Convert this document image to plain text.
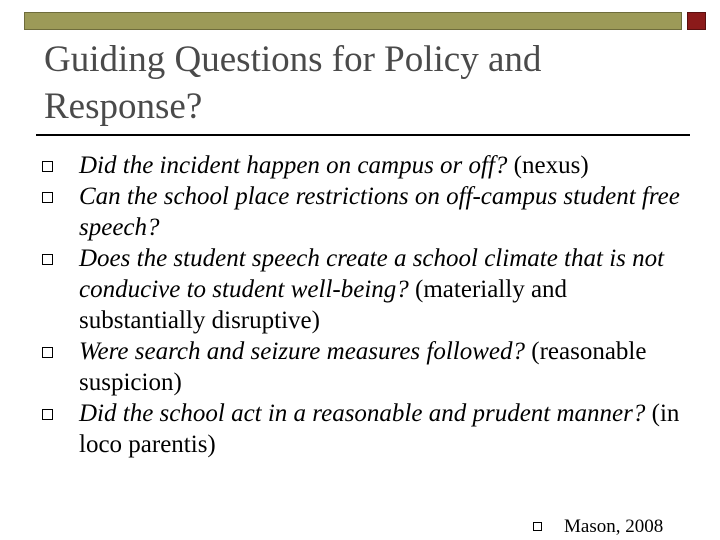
Guiding Questions for Policy and Response?
Did the incident happen on campus or off? (nexus)
Can the school place restrictions on off-campus student free speech?
Does the student speech create a school climate that is not conducive to student well-being? (materially and substantially disruptive)
Were search and seizure measures followed? (reasonable suspicion)
Did the school act in a reasonable and prudent manner? (in loco parentis)
Mason, 2008
